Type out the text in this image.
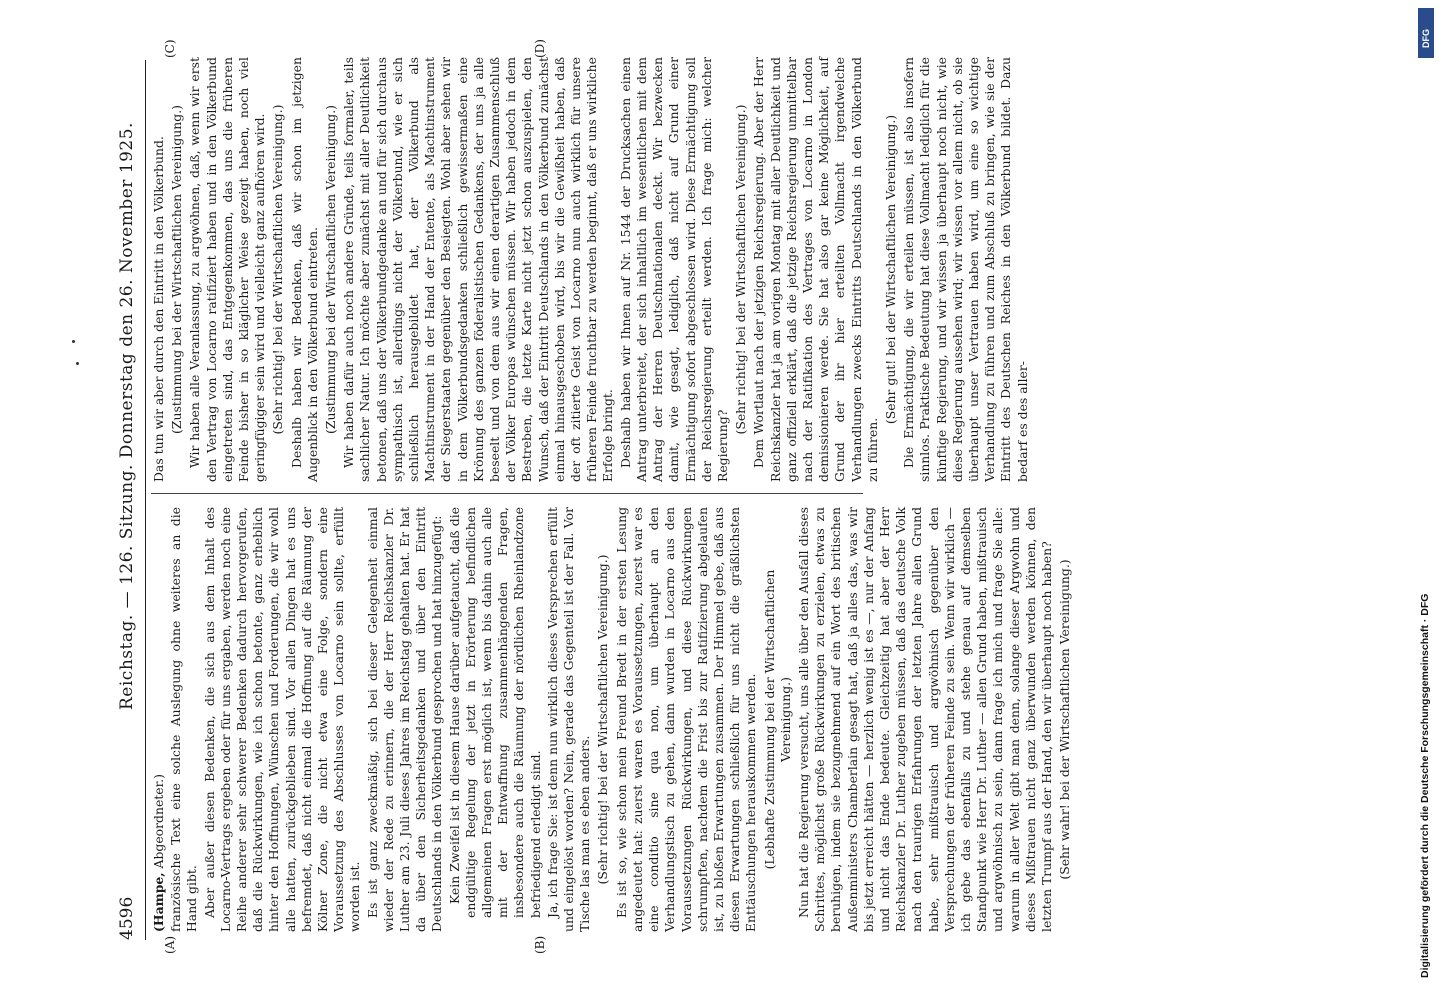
4596
Reichstag. — 126. Sitzung. Donnerstag den 26. November 1925.
(A)	(B)
(C)	(D)

(Hampe, Abgeordneter.) französische Text eine solche Auslegung ohne weiteres an die Hand gibt. Aber außer diesen Bedenken, die sich aus dem Inhalt des Locarno-Vertrags ergeben oder für uns ergaben, werden noch eine Reihe anderer sehr schwerer Bedenken dadurch hervorgerufen, daß die Rückwirkungen, wie ich schon betonte, ganz erheblich hinter den Hoffnungen, Wünschen und Forderungen, die wir wohl alle hatten, zurückgeblieben sind. Vor allen Dingen hat es uns befremdet, daß nicht einmal die Hoffnung auf die Räumung der Kölner Zone, die nicht etwa eine Folge, sondern eine Voraussetzung des Abschlusses von Locarno sein sollte, erfüllt worden ist. Es ist ganz zweckmäßig, sich bei dieser Gelegenheit einmal wieder der Rede zu erinnern, die der Herr Reichskanzler Dr. Luther am 23. Juli dieses Jahres im Reichstag gehalten hat. Er hat da über den Sicherheitsgedanken und über den Eintritt Deutschlands in den Völkerbund gesprochen und hat hinzugefügt: Kein Zweifel ist in diesem Hause darüber aufgetaucht, daß die endgültige Regelung der jetzt in Erörterung befindlichen allgemeinen Fragen erst möglich ist, wenn bis dahin auch alle mit der Entwaffnung zusammenhängenden Fragen, insbesondere auch die Räumung der nördlichen Rheinlandzone befriedigend erledigt sind. Ja, ich frage Sie: ist denn nun wirklich dieses Versprechen erfüllt und eingelöst worden? Nein, gerade das Gegenteil ist der Fall. Vor Tische las man es eben anders. (Sehr richtig! bei der Wirtschaftlichen Vereinigung.) Es ist so, wie schon mein Freund Bredt in der ersten Lesung angedeutet hat: zuerst waren es Voraussetzungen, zuerst war es eine conditio sine qua non, um überhaupt an den Verhandlungstisch zu gehen, dann wurden in Locarno aus den Voraussetzungen Rückwirkungen, und diese Rückwirkungen schrumpften, nachdem die Frist bis zur Ratifizierung abgelaufen ist, zu bloßen Erwartungen zusammen. Der Himmel gebe, daß aus diesen Erwartungen schließlich für uns nicht die gräßlichsten Enttäuschungen herauskommen werden. (Lebhafte Zustimmung bei der Wirtschaftlichen Vereinigung.) Nun hat die Regierung versucht, uns alle über den Ausfall dieses Schrittes, möglichst große Rückwirkungen zu erzielen, etwas zu beruhigen, indem sie bezugnehmend auf ein Wort des britischen Außenministers Chamberlain gesagt hat, daß ja alles das, was wir bis jetzt erreicht hätten — herzlich wenig ist es —, nur der Anfang und nicht das Ende bedeute. Gleichzeitig hat aber der Herr Reichskanzler Dr. Luther zugeben müssen, daß das deutsche Volk nach den traurigen Erfahrungen der letzten Jahre allen Grund habe, sehr mißtrauisch und argwöhnisch gegenüber den Versprechungen der früheren Feinde zu sein. Wenn wir wirklich — ich gebe das ebenfalls zu und stehe genau auf demselben Standpunkt wie Herr Dr. Luther — allen Grund haben, mißtrauisch und argwöhnisch zu sein, dann frage ich mich und frage Sie alle: warum in aller Welt gibt man denn, solange dieser Argwohn und dieses Mißtrauen nicht ganz überwunden werden können, den letzten Trumpf aus der Hand, den wir überhaupt noch haben? (Sehr wahr! bei der Wirtschaftlichen Vereinigung.)

Das tun wir aber durch den Eintritt in den Völkerbund. (Zustimmung bei der Wirtschaftlichen Vereinigung.) Wir haben alle Veranlassung, zu argwöhnen, daß, wenn wir erst den Vertrag von Locarno ratifiziert haben und in den Völkerbund eingetreten sind, das Entgegenkommen, das uns die früheren Feinde bisher in so kläglicher Weise gezeigt haben, noch viel geringfügiger sein wird und vielleicht ganz aufhören wird. (Sehr richtig! bei der Wirtschaftlichen Vereinigung.) Deshalb haben wir Bedenken, daß wir schon im jetzigen Augenblick in den Völkerbund eintreten. (Zustimmung bei der Wirtschaftlichen Vereinigung.) Wir haben dafür auch noch andere Gründe, teils formaler, teils sachlicher Natur. Ich möchte aber zunächst mit aller Deutlichkeit betonen, daß uns der Völkerbundgedanke an und für sich durchaus sympathisch ist, allerdings nicht der Völkerbund, wie er sich schließlich herausgebildet hat, der Völkerbund als Machtinstrument in der Hand der Entente, als Machtinstrument der Siegerstaaten gegenüber den Besiegten. Wohl aber sehen wir in dem Völkerbundsgedanken schließlich gewissermaßen eine Krönung des ganzen föderalistischen Gedankens, der uns ja alle beseelt und von dem aus wir einen derartigen Zusammenschluß der Völker Europas wünschen müssen. Wir haben jedoch in dem Bestreben, die letzte Karte nicht jetzt schon auszuspielen, den Wunsch, daß der Eintritt Deutschlands in den Völkerbund zunächst einmal hinausgeschoben wird, bis wir die Gewißheit haben, daß der oft zitierte Geist von Locarno nun auch wirklich für unsere früheren Feinde fruchtbar zu werden beginnt, daß er uns wirkliche Erfolge bringt. Deshalb haben wir Ihnen auf Nr. 1544 der Drucksachen einen Antrag unterbreitet, der sich inhaltlich im wesentlichen mit dem Antrag der Herren Deutschnationalen deckt. Wir bezwecken damit, wie gesagt, lediglich, daß nicht auf Grund einer Ermächtigung sofort abgeschlossen wird. Diese Ermächtigung soll der Reichsregierung erteilt werden. Ich frage mich: welcher Regierung?

(Sehr richtig! bei der Wirtschaftlichen Vereinigung.) Dem Wortlaut nach der jetzigen Reichsregierung. Aber der Herr Reichskanzler hat ja am vorigen Montag mit aller Deutlichkeit und ganz offiziell erklärt, daß die jetzige Reichsregierung unmittelbar nach der Ratifikation des Vertrages von Locarno in London demissionieren werde. Sie hat also gar keine Möglichkeit, auf Grund der ihr hier erteilten Vollmacht irgendwelche Verhandlungen zwecks Eintritts Deutschlands in den Völkerbund zu führen.

(Sehr gut! bei der Wirtschaftlichen Vereinigung.) Die Ermächtigung, die wir erteilen müssen, ist also insofern sinnlos. Praktische Bedeutung hat diese Vollmacht lediglich für die künftige Regierung, und wir wissen ja überhaupt noch nicht, wie diese Regierung aussehen wird; wir wissen vor allem nicht, ob sie überhaupt unser Vertrauen haben wird, um eine so wichtige Verhandlung zu führen und zum Abschluß zu bringen, wie sie der Eintritt des Deutschen Reiches in den Völkerbund bildet. Dazu bedarf es des aller-

DFG
Digitalisierung gefördert durch die Deutsche Forschungsgemeinschaft · DFG
